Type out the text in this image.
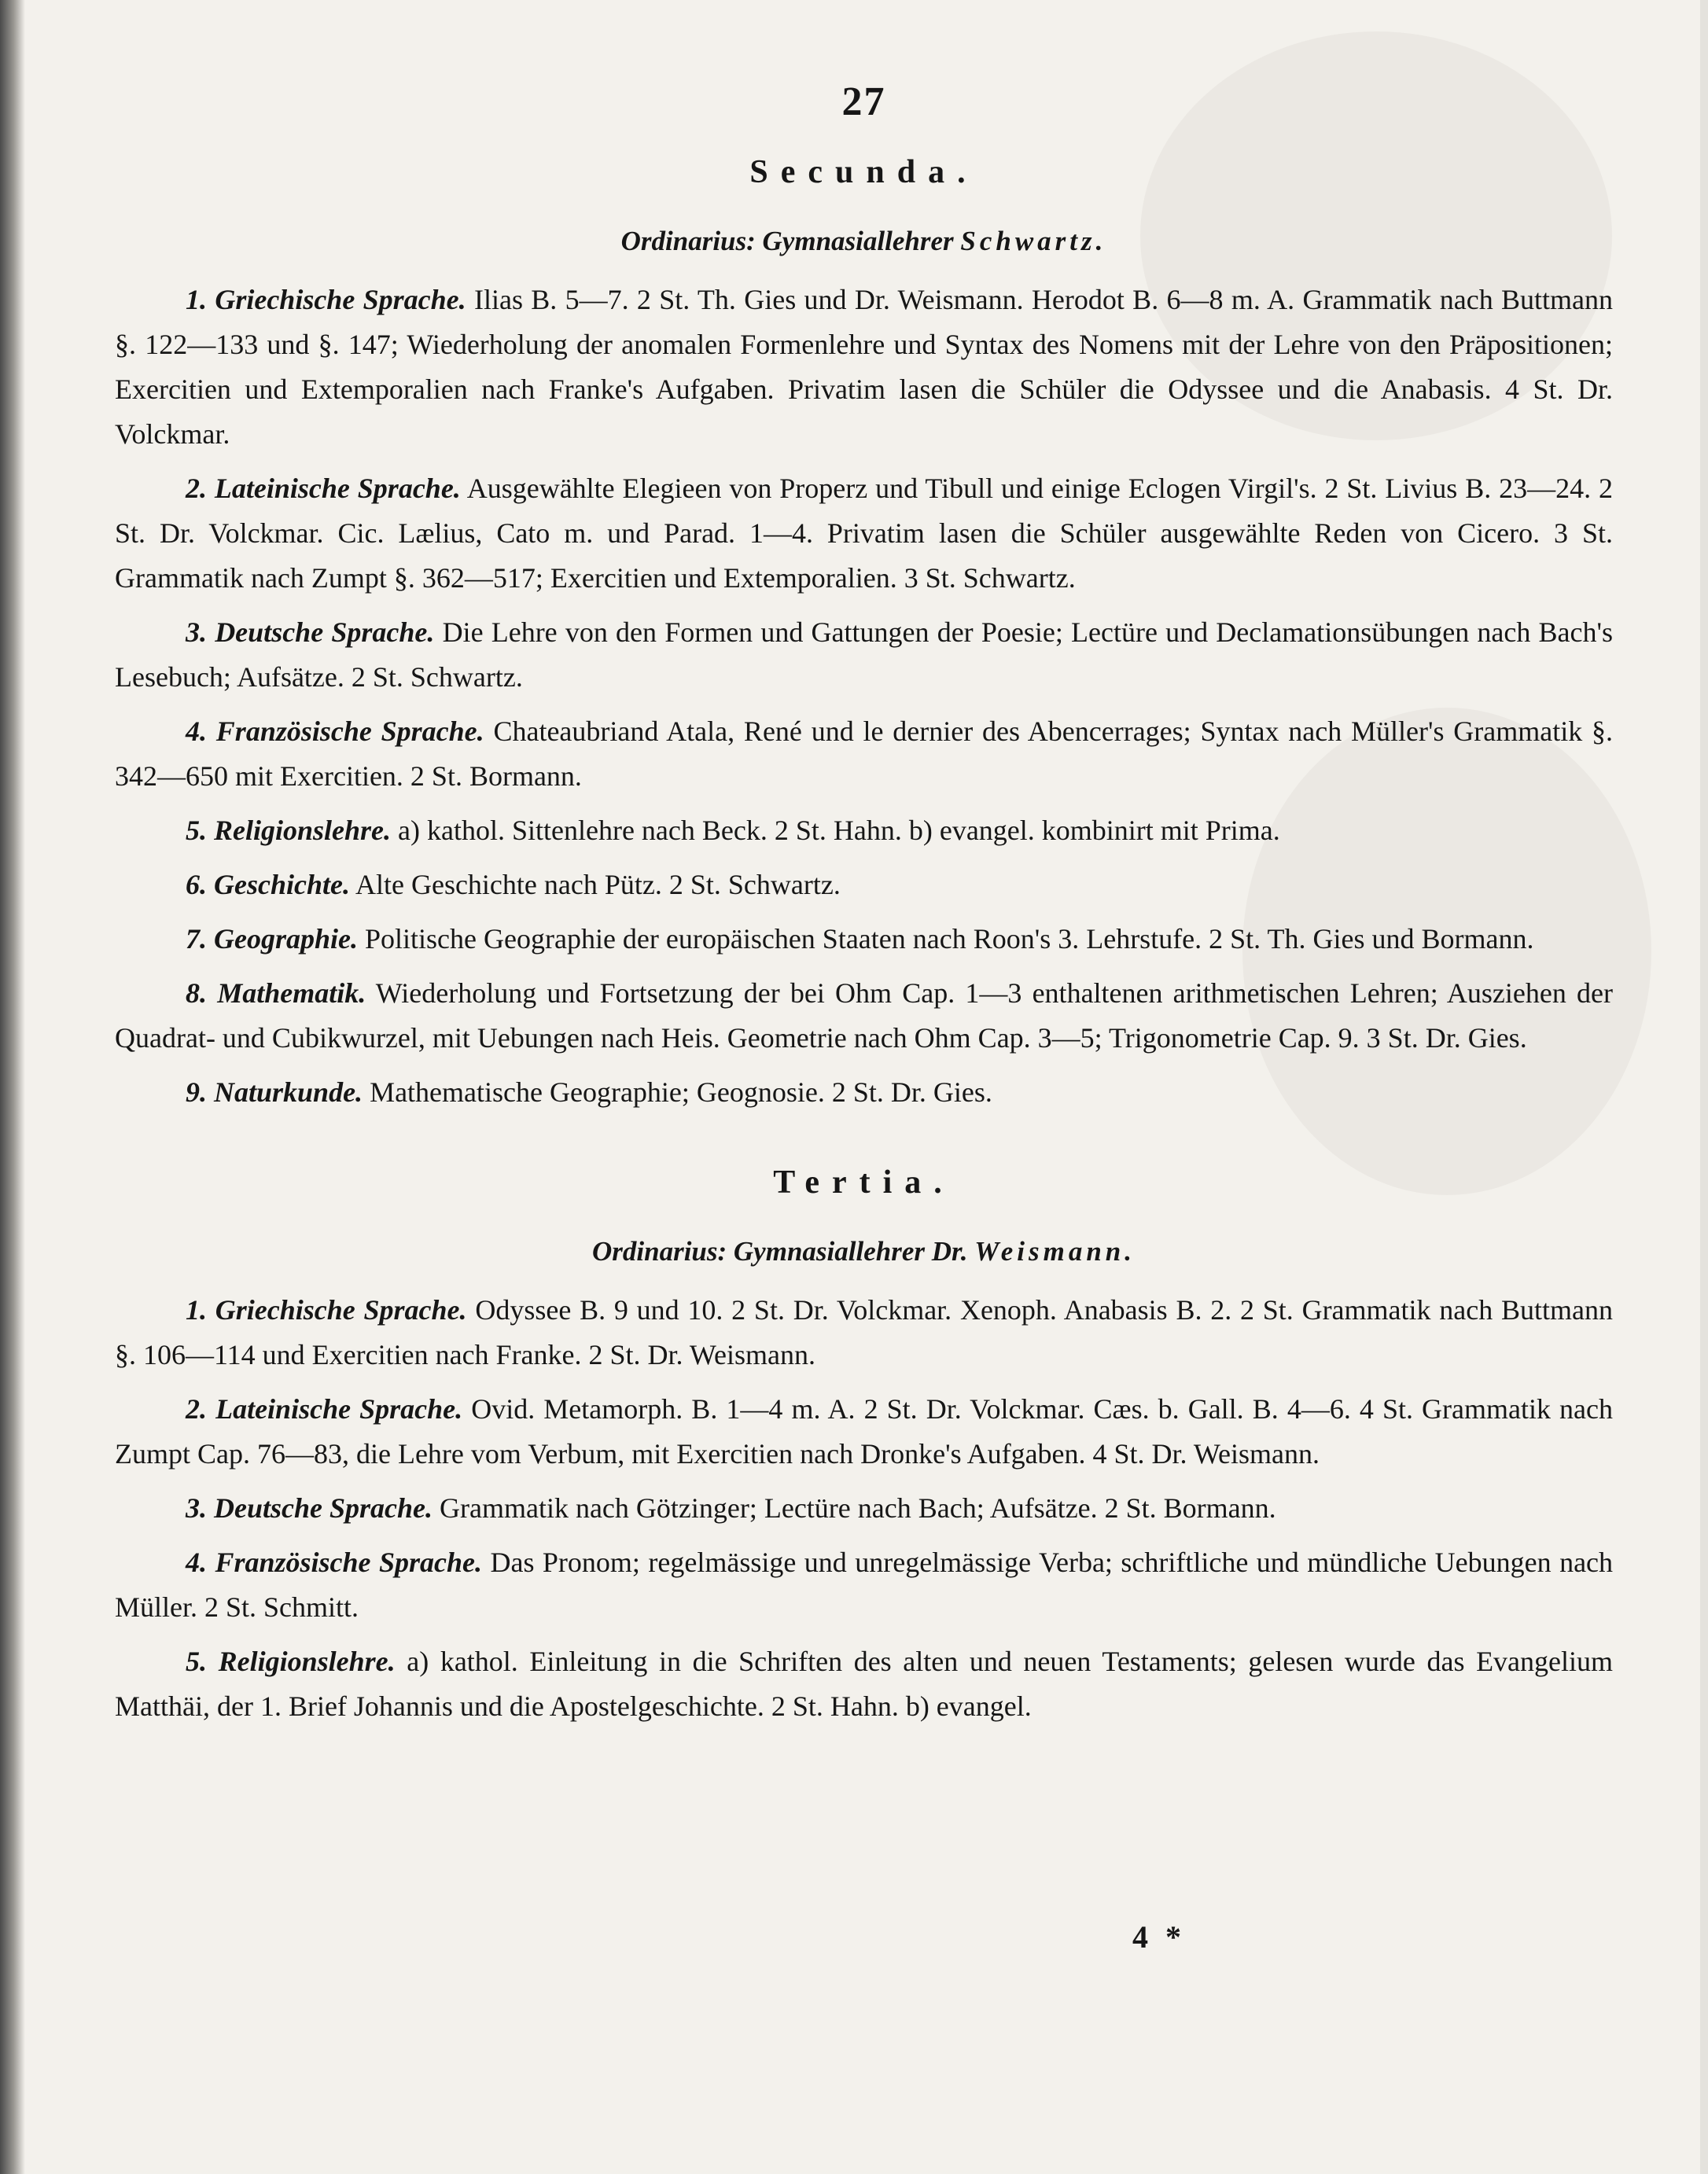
27
Secunda.
Ordinarius: Gymnasiallehrer Schwartz.

1. Griechische Sprache. Ilias B. 5—7. 2 St. Th. Gies und Dr. Weismann. Herodot B. 6—8 m. A. Grammatik nach Buttmann §. 122—133 und §. 147; Wiederholung der anomalen Formenlehre und Syntax des Nomens mit der Lehre von den Präpositionen; Exercitien und Extemporalien nach Franke's Aufgaben. Privatim lasen die Schüler die Odyssee und die Anabasis. 4 St. Dr. Volckmar.

2. Lateinische Sprache. Ausgewählte Elegieen von Properz und Tibull und einige Eclogen Virgil's. 2 St. Livius B. 23—24. 2 St. Dr. Volckmar. Cic. Lælius, Cato m. und Parad. 1—4. Privatim lasen die Schüler ausgewählte Reden von Cicero. 3 St. Grammatik nach Zumpt §. 362—517; Exercitien und Extemporalien. 3 St. Schwartz.

3. Deutsche Sprache. Die Lehre von den Formen und Gattungen der Poesie; Lectüre und Declamationsübungen nach Bach's Lesebuch; Aufsätze. 2 St. Schwartz.

4. Französische Sprache. Chateaubriand Atala, René und le dernier des Abencerrages; Syntax nach Müller's Grammatik §. 342—650 mit Exercitien. 2 St. Bormann.

5. Religionslehre. a) kathol. Sittenlehre nach Beck. 2 St. Hahn. b) evangel. kombinirt mit Prima.

6. Geschichte. Alte Geschichte nach Pütz. 2 St. Schwartz.

7. Geographie. Politische Geographie der europäischen Staaten nach Roon's 3. Lehrstufe. 2 St. Th. Gies und Bormann.

8. Mathematik. Wiederholung und Fortsetzung der bei Ohm Cap. 1—3 enthaltenen arithmetischen Lehren; Ausziehen der Quadrat- und Cubikwurzel, mit Uebungen nach Heis. Geometrie nach Ohm Cap. 3—5; Trigonometrie Cap. 9. 3 St. Dr. Gies.

9. Naturkunde. Mathematische Geographie; Geognosie. 2 St. Dr. Gies.

Tertia.
Ordinarius: Gymnasiallehrer Dr. Weismann.

1. Griechische Sprache. Odyssee B. 9 und 10. 2 St. Dr. Volckmar. Xenoph. Anabasis B. 2. 2 St. Grammatik nach Buttmann §. 106—114 und Exercitien nach Franke. 2 St. Dr. Weismann.

2. Lateinische Sprache. Ovid. Metamorph. B. 1—4 m. A. 2 St. Dr. Volckmar. Cæs. b. Gall. B. 4—6. 4 St. Grammatik nach Zumpt Cap. 76—83, die Lehre vom Verbum, mit Exercitien nach Dronke's Aufgaben. 4 St. Dr. Weismann.

3. Deutsche Sprache. Grammatik nach Götzinger; Lectüre nach Bach; Aufsätze. 2 St. Bormann.

4. Französische Sprache. Das Pronom; regelmässige und unregelmässige Verba; schriftliche und mündliche Uebungen nach Müller. 2 St. Schmitt.

5. Religionslehre. a) kathol. Einleitung in die Schriften des alten und neuen Testaments; gelesen wurde das Evangelium Matthäi, der 1. Brief Johannis und die Apostelgeschichte. 2 St. Hahn. b) evangel.

4 *
